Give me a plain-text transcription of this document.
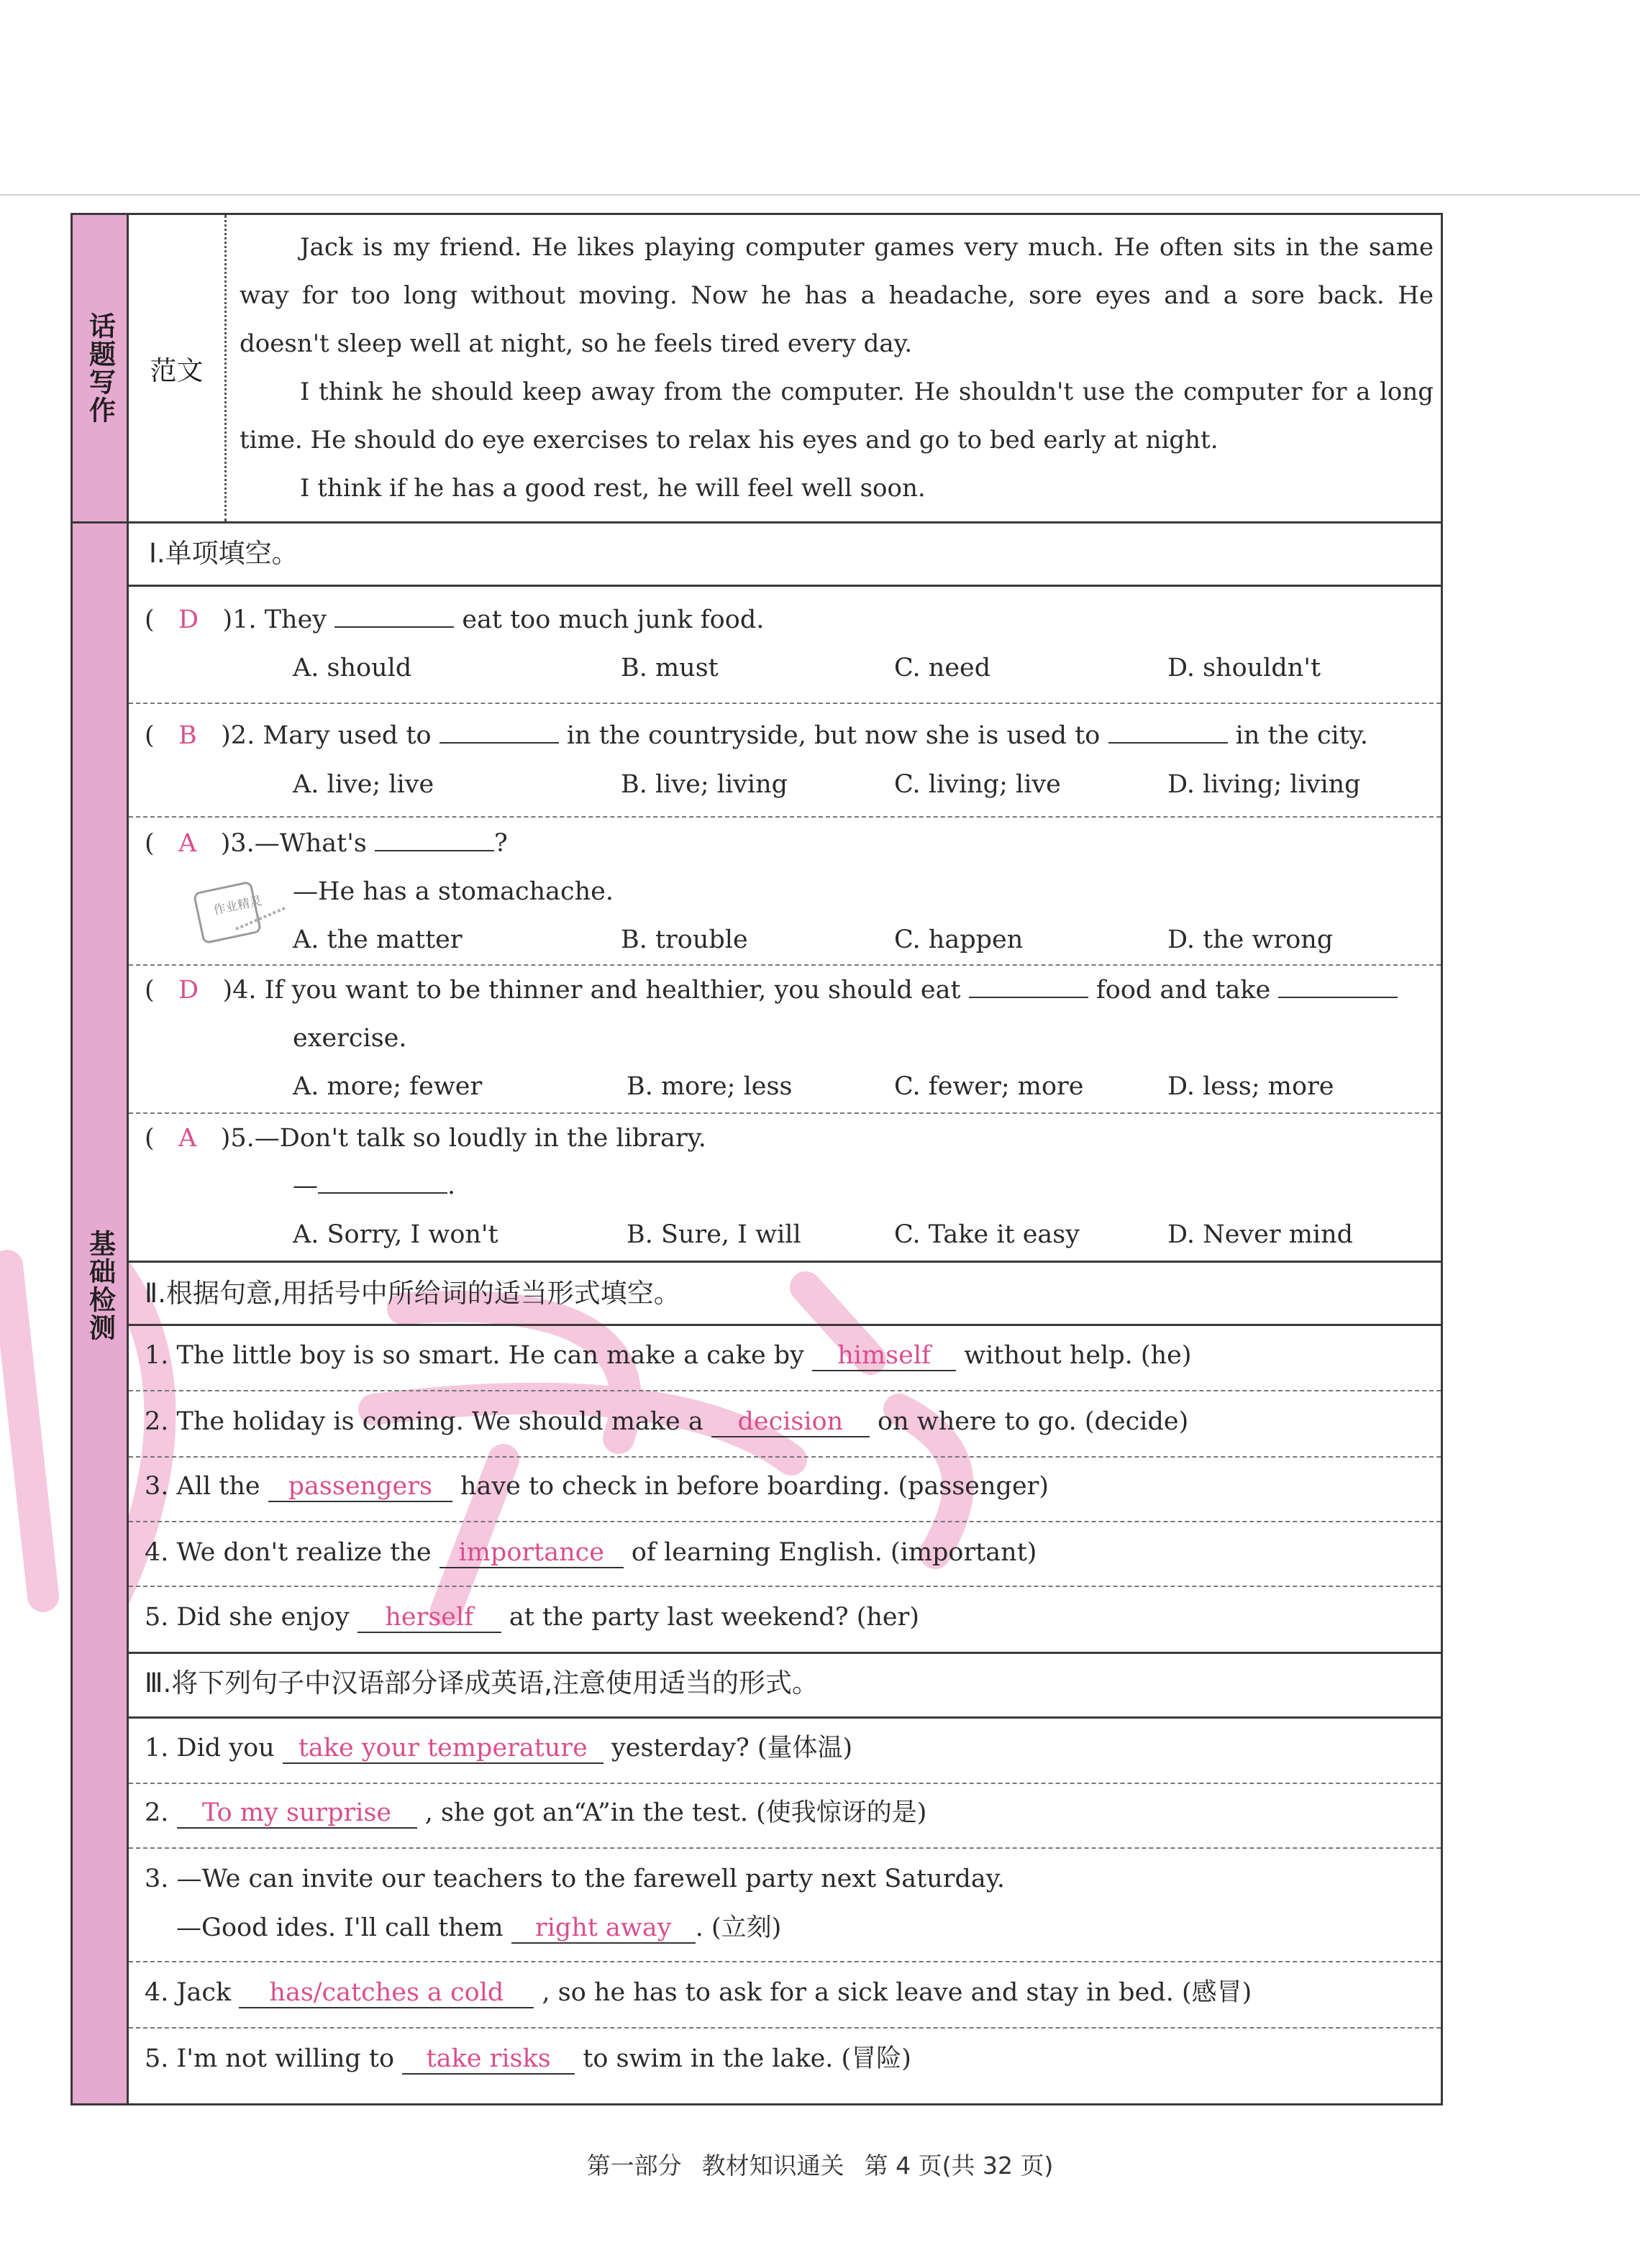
话题写作	范文

Jack is my friend. He likes playing computer games very much. He often sits in the same way for too long without moving. Now he has a headache, sore eyes and a sore back. He doesn't sleep well at night, so he feels tired every day.

I think he should keep away from the computer. He shouldn't use the computer for a long time. He should do eye exercises to relax his eyes and go to bed early at night.

I think if he has a good rest, he will feel well soon.

基础检测
Ⅰ.单项填空。
(   D )1. They	eat too much junk food.
A. should	B. must	C. need	D. shouldn't
(   B )2. Mary used to	in the countryside, but now she is used to	in the city.
A. live; live	B. live; living	C. living; live	D. living; living
(   A )3.—What's	?
—He has a stomachache.
A. the matter	B. trouble	C. happen	D. the wrong
(   D )4. If you want to be thinner and healthier, you should eat	food and take
exercise.
A. more; fewer	B. more; less	C. fewer; more	D. less; more
(   A )5.—Don't talk so loudly in the library.
—	.
A. Sorry, I won't	B. Sure, I will	C. Take it easy	D. Never mind
Ⅱ.根据句意,用括号中所给词的适当形式填空。
1. The little boy is so smart. He can make a cake by himself without help. (he)
2. The holiday is coming. We should make a decision on where to go. (decide)
3. All the passengers have to check in before boarding. (passenger)
4. We don't realize the importance of learning English. (important)
5. Did she enjoy herself at the party last weekend? (her)
Ⅲ.将下列句子中汉语部分译成英语,注意使用适当的形式。
1. Did you take your temperature yesterday? (量体温)
2. To my surprise , she got an“A”in the test. (使我惊讶的是)
3. —We can invite our teachers to the farewell party next Saturday.
—Good ides. I'll call them right away . (立刻)
4. Jack has/catches a cold , so he has to ask for a sick leave and stay in bed. (感冒)
5. I'm not willing to take risks to swim in the lake. (冒险)
作业精灵
第一部分 教材知识通关 第 4 页(共 32 页)
